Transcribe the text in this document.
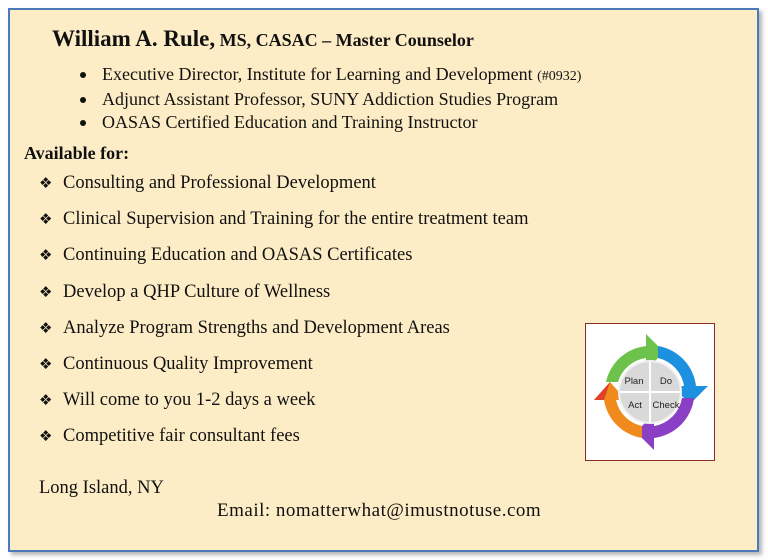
William A. Rule, MS, CASAC – Master Counselor
Executive Director, Institute for Learning and Development (#0932)
Adjunct Assistant Professor, SUNY Addiction Studies Program
OASAS Certified Education and Training Instructor
Available for:
❖ Consulting and Professional Development
❖ Clinical Supervision and Training for the entire treatment team
❖ Continuing Education and OASAS Certificates
❖ Develop a QHP Culture of Wellness
❖ Analyze Program Strengths and Development Areas
❖ Continuous Quality Improvement
❖ Will come to you 1-2 days a week
❖ Competitive fair consultant fees
Long Island, NY
Email: nomatterwhat@imustnotuse.com
Plan Do
Act Check
